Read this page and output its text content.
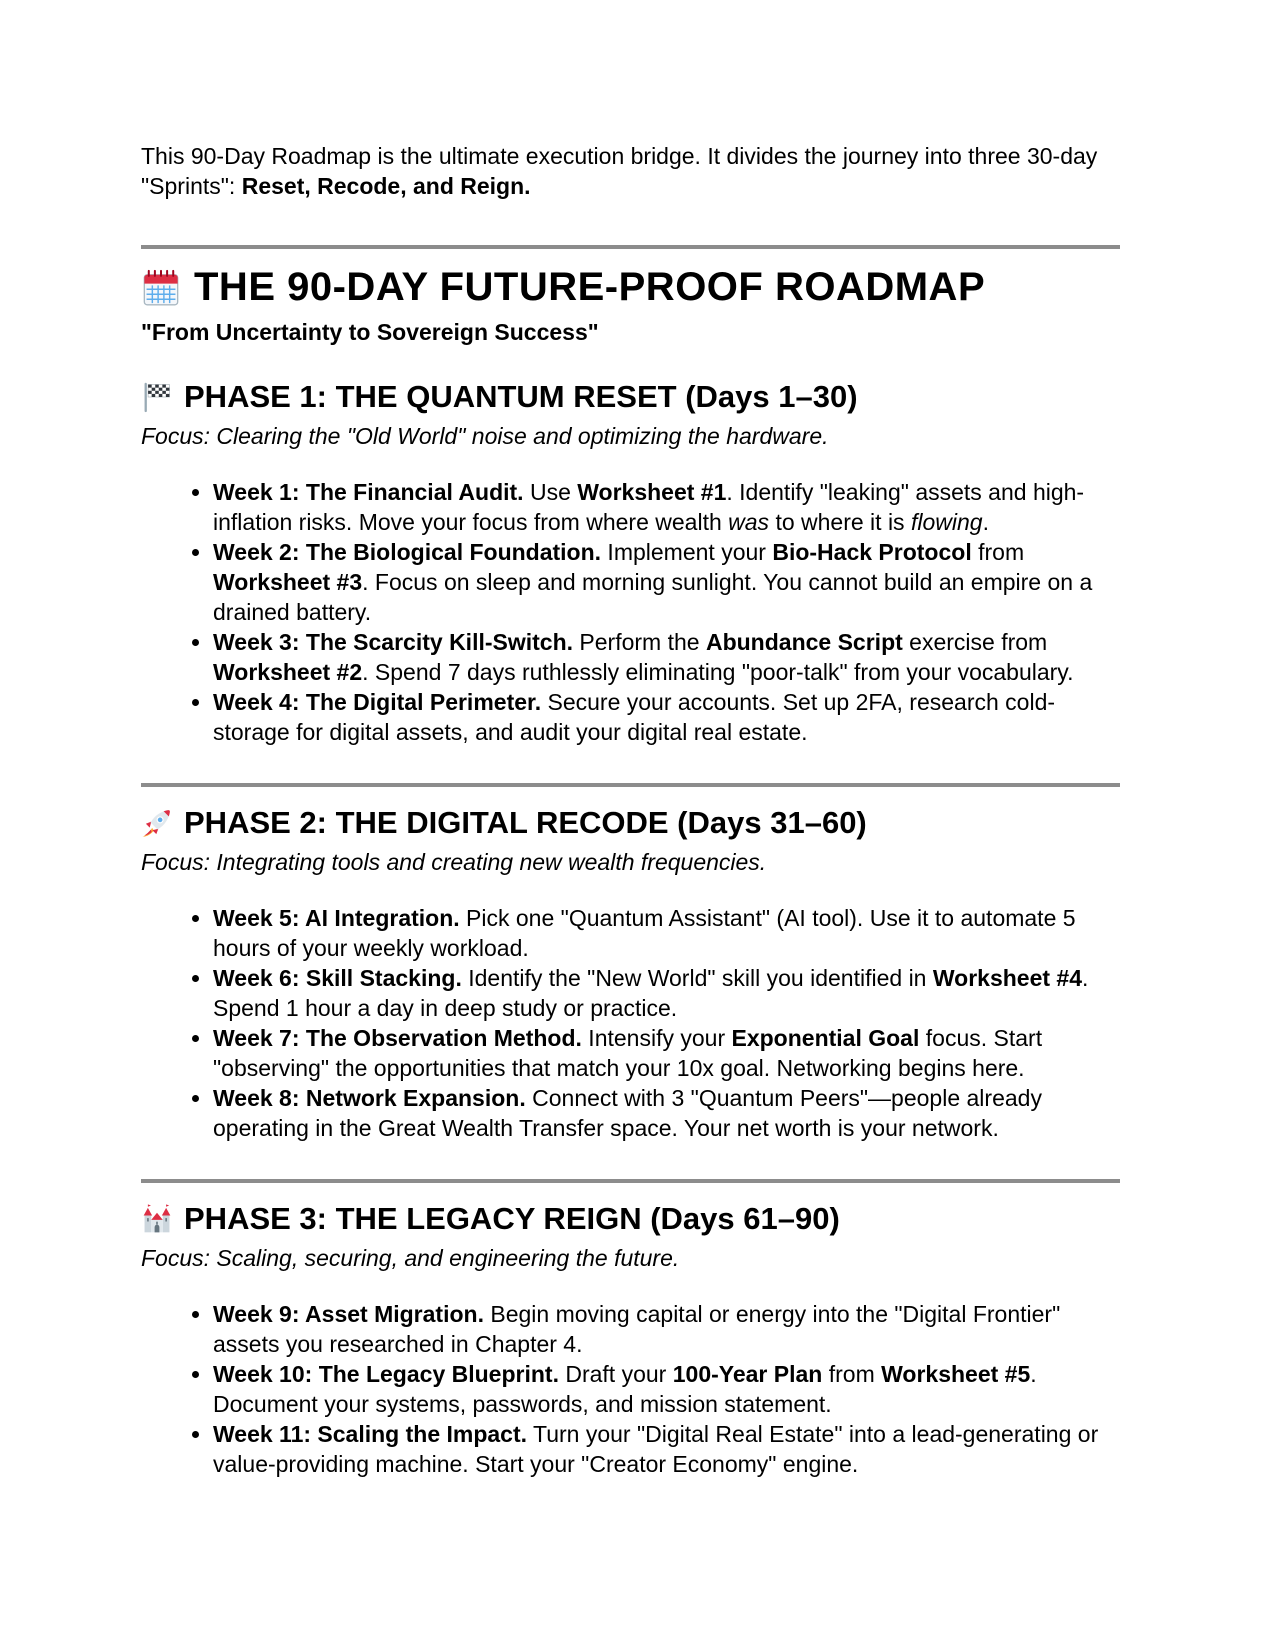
This 90-Day Roadmap is the ultimate execution bridge. It divides the journey into three 30-day "Sprints": Reset, Recode, and Reign.

THE 90-DAY FUTURE-PROOF ROADMAP

"From Uncertainty to Sovereign Success"

PHASE 1: THE QUANTUM RESET (Days 1–30)

Focus: Clearing the "Old World" noise and optimizing the hardware.

• Week 1: The Financial Audit. Use Worksheet #1. Identify "leaking" assets and high-inflation risks. Move your focus from where wealth was to where it is flowing.
• Week 2: The Biological Foundation. Implement your Bio-Hack Protocol from Worksheet #3. Focus on sleep and morning sunlight. You cannot build an empire on a drained battery.
• Week 3: The Scarcity Kill-Switch. Perform the Abundance Script exercise from Worksheet #2. Spend 7 days ruthlessly eliminating "poor-talk" from your vocabulary.
• Week 4: The Digital Perimeter. Secure your accounts. Set up 2FA, research cold-storage for digital assets, and audit your digital real estate.
PHASE 2: THE DIGITAL RECODE (Days 31–60)

Focus: Integrating tools and creating new wealth frequencies.

• Week 5: AI Integration. Pick one "Quantum Assistant" (AI tool). Use it to automate 5 hours of your weekly workload.
• Week 6: Skill Stacking. Identify the "New World" skill you identified in Worksheet #4. Spend 1 hour a day in deep study or practice.
• Week 7: The Observation Method. Intensify your Exponential Goal focus. Start "observing" the opportunities that match your 10x goal. Networking begins here.
• Week 8: Network Expansion. Connect with 3 "Quantum Peers"—people already operating in the Great Wealth Transfer space. Your net worth is your network.
PHASE 3: THE LEGACY REIGN (Days 61–90)

Focus: Scaling, securing, and engineering the future.

• Week 9: Asset Migration. Begin moving capital or energy into the "Digital Frontier" assets you researched in Chapter 4.
• Week 10: The Legacy Blueprint. Draft your 100-Year Plan from Worksheet #5. Document your systems, passwords, and mission statement.
• Week 11: Scaling the Impact. Turn your "Digital Real Estate" into a lead-generating or value-providing machine. Start your "Creator Economy" engine.
